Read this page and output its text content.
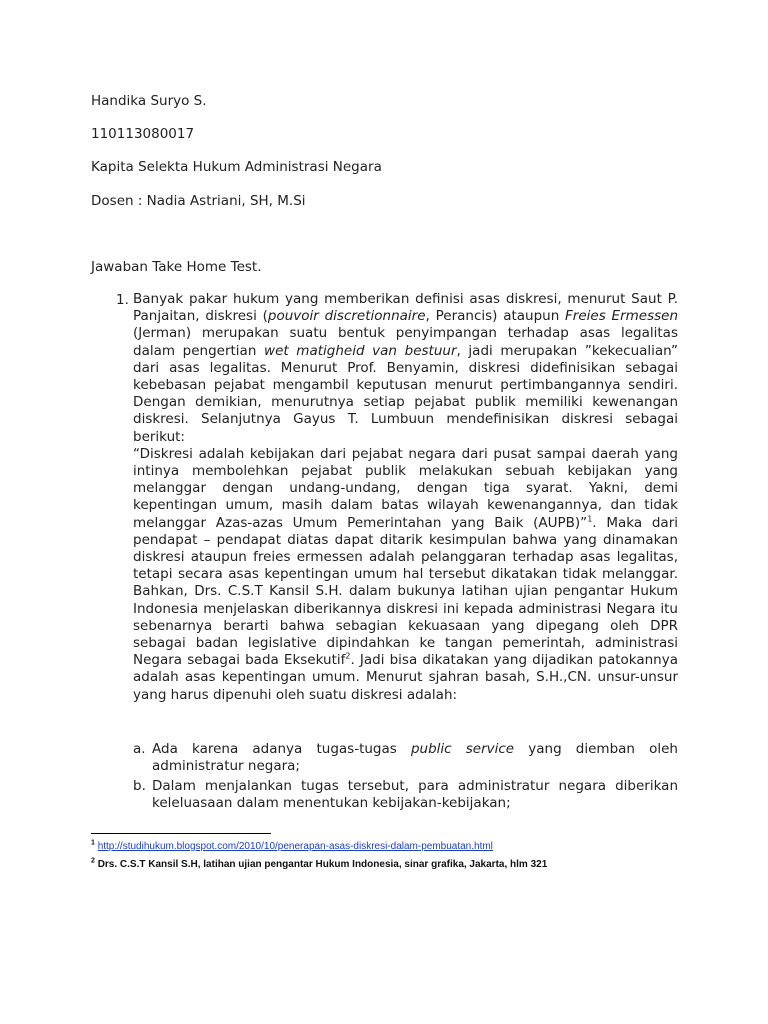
Handika Suryo S.
110113080017
Kapita Selekta Hukum Administrasi Negara
Dosen : Nadia Astriani, SH, M.Si
Jawaban Take Home Test.
1. Banyak pakar hukum yang memberikan definisi asas diskresi, menurut Saut P. Panjaitan, diskresi (pouvoir discretionnaire, Perancis) ataupun Freies Ermessen (Jerman) merupakan suatu bentuk penyimpangan terhadap asas legalitas dalam pengertian wet matigheid van bestuur, jadi merupakan ”kekecualian” dari asas legalitas. Menurut Prof. Benyamin, diskresi didefinisikan sebagai kebebasan pejabat mengambil keputusan menurut pertimbangannya sendiri. Dengan demikian, menurutnya setiap pejabat publik memiliki kewenangan diskresi. Selanjutnya Gayus T. Lumbuun mendefinisikan diskresi sebagai berikut:

“Diskresi adalah kebijakan dari pejabat negara dari pusat sampai daerah yang intinya membolehkan pejabat publik melakukan sebuah kebijakan yang melanggar dengan undang-undang, dengan tiga syarat. Yakni, demi kepentingan umum, masih dalam batas wilayah kewenangannya, dan tidak melanggar Azas-azas Umum Pemerintahan yang Baik (AUPB)”$^1$. Maka dari pendapat – pendapat diatas dapat ditarik kesimpulan bahwa yang dinamakan diskresi ataupun freies ermessen adalah pelanggaran terhadap asas legalitas, tetapi secara asas kepentingan umum hal tersebut dikatakan tidak melanggar. Bahkan, Drs. C.S.T Kansil S.H. dalam bukunya latihan ujian pengantar Hukum Indonesia menjelaskan diberikannya diskresi ini kepada administrasi Negara itu sebenarnya berarti bahwa sebagian kekuasaan yang dipegang oleh DPR sebagai badan legislative dipindahkan ke tangan pemerintah, administrasi Negara sebagai bada Eksekutif$^2$. Jadi bisa dikatakan yang dijadikan patokannya adalah asas kepentingan umum. Menurut sjahran basah, S.H.,CN. unsur-unsur yang harus dipenuhi oleh suatu diskresi adalah:

a. Ada karena adanya tugas-tugas public service yang diemban oleh
administratur negara;
b. Dalam menjalankan tugas tersebut, para administratur negara diberikan keleluasaan dalam menentukan kebijakan-kebijakan;
$^1$ http://studihukum.blogspot.com/2010/10/penerapan-asas-diskresi-dalam-pembuatan.html
$^2$ Drs. C.S.T Kansil S.H, latihan ujian pengantar Hukum Indonesia, sinar grafika, Jakarta, hlm 321
